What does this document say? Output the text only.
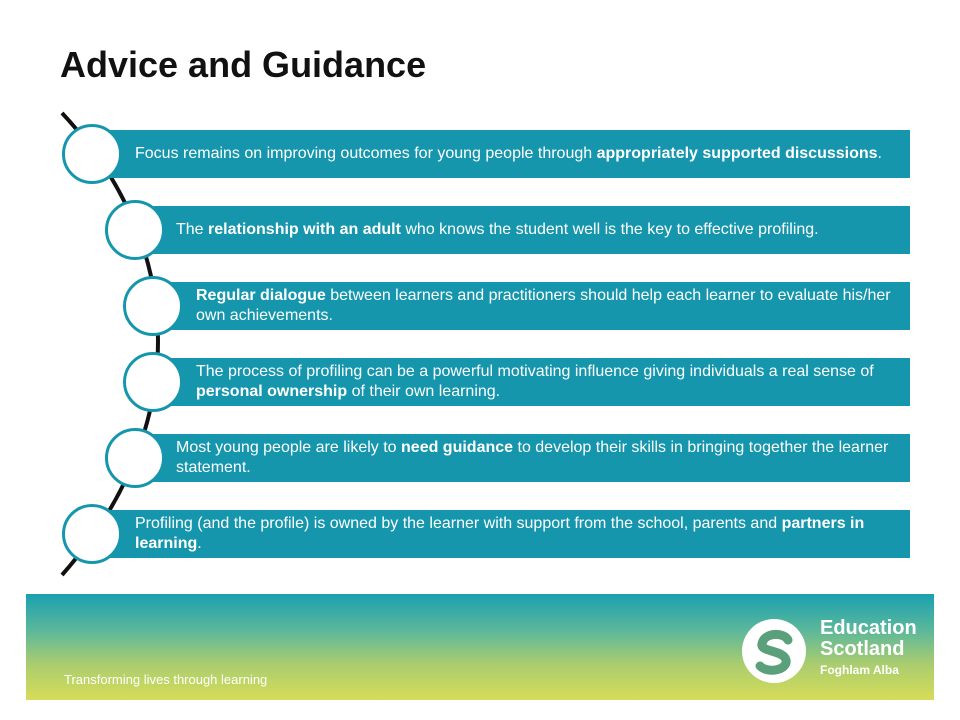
Advice and Guidance
Focus remains on improving outcomes for young people through appropriately supported discussions.
The relationship with an adult who knows the student well is the key to effective profiling.
Regular dialogue between learners and practitioners should help each learner to evaluate his/her own achievements.
The process of profiling can be a powerful motivating influence giving individuals a real sense of personal ownership of their own learning.
Most young people are likely to need guidance to develop their skills in bringing together the learner statement.
Profiling (and the profile) is owned by the learner with support from the school, parents and partners in learning.
Transforming lives through learning
Education
Scotland
Foghlam Alba
